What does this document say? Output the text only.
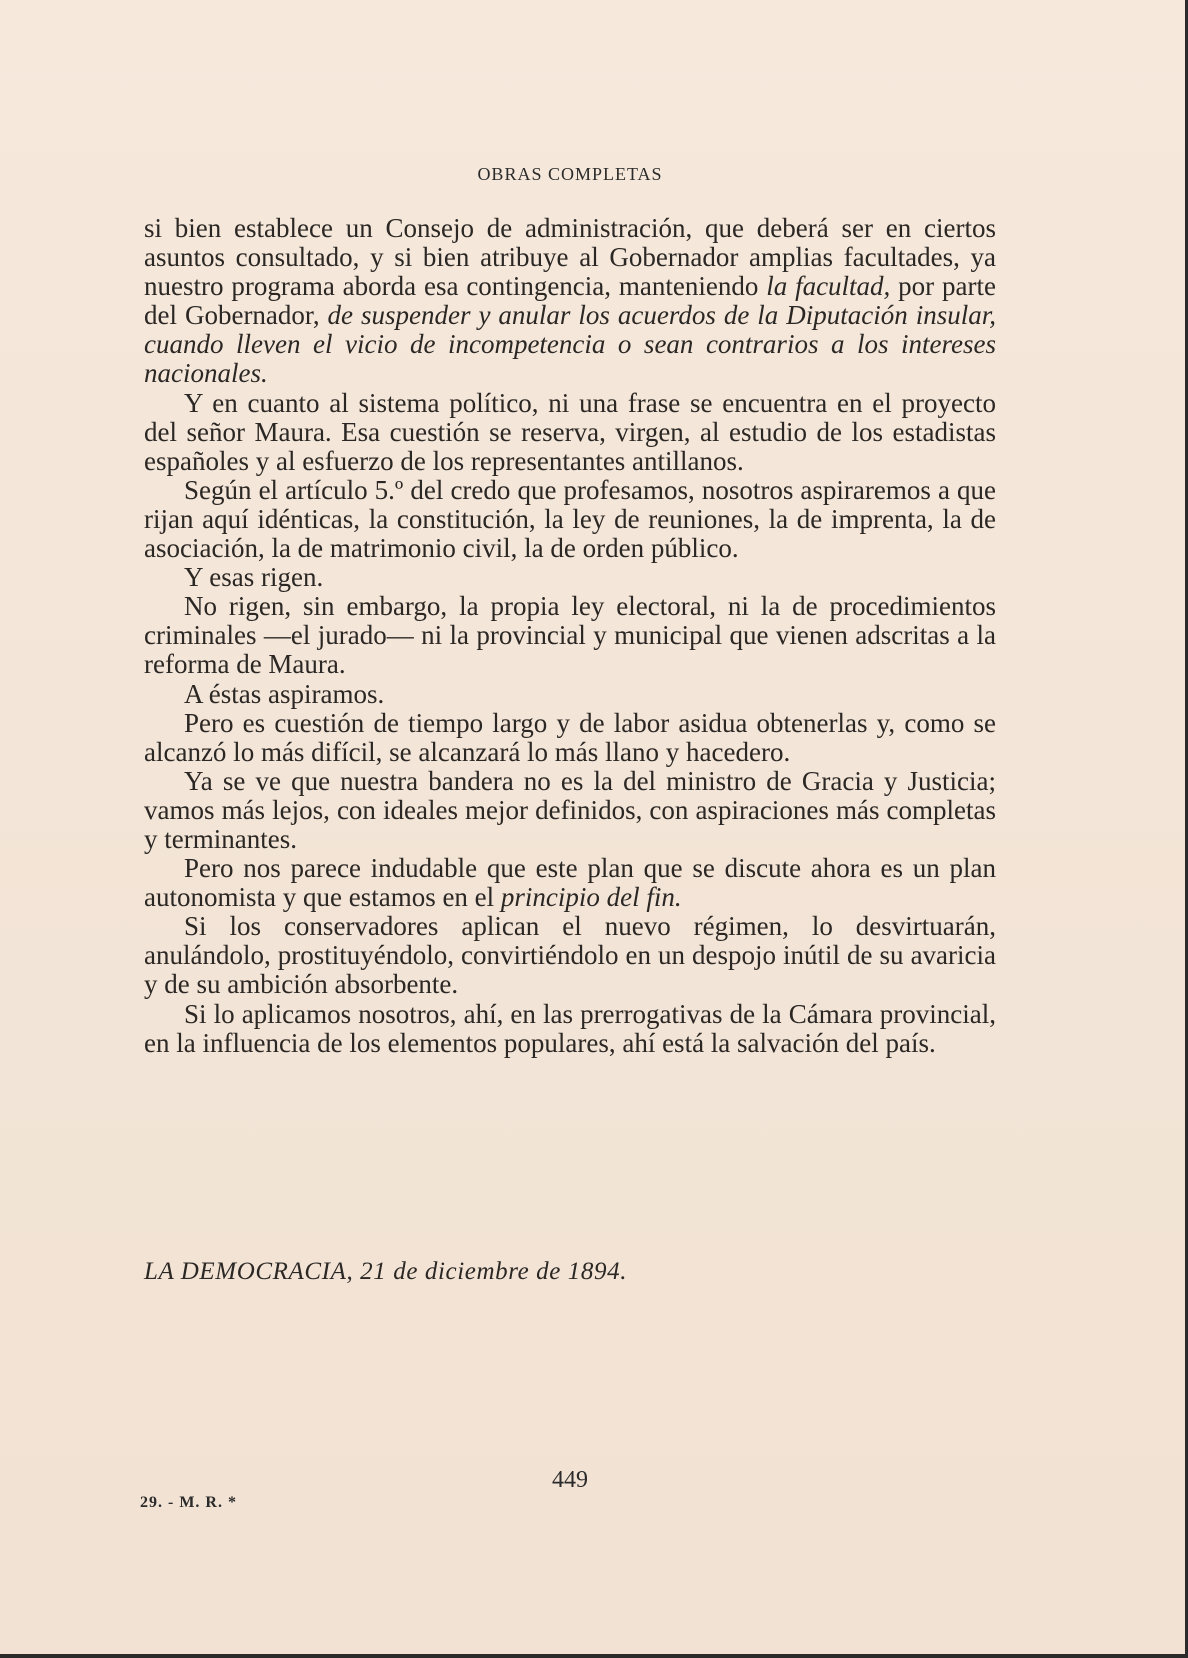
OBRAS COMPLETAS

si bien establece un Consejo de administración, que deberá ser en ciertos asuntos consultado, y si bien atribuye al Gobernador amplias facultades, ya nuestro programa aborda esa contingencia, manteniendo la facultad, por parte del Gobernador, de suspender y anular los acuerdos de la Diputación insular, cuando lleven el vicio de incompetencia o sean contrarios a los intereses nacionales.

Y en cuanto al sistema político, ni una frase se encuentra en el proyecto del señor Maura. Esa cuestión se reserva, virgen, al estudio de los estadistas españoles y al esfuerzo de los representantes antillanos.

Según el artículo 5.º del credo que profesamos, nosotros aspiraremos a que rijan aquí idénticas, la constitución, la ley de reuniones, la de imprenta, la de asociación, la de matrimonio civil, la de orden público.

Y esas rigen.

No rigen, sin embargo, la propia ley electoral, ni la de procedimientos criminales —el jurado— ni la provincial y municipal que vienen adscritas a la reforma de Maura.

A éstas aspiramos.

Pero es cuestión de tiempo largo y de labor asidua obtenerlas y, como se alcanzó lo más difícil, se alcanzará lo más llano y hacedero.

Ya se ve que nuestra bandera no es la del ministro de Gracia y Justicia; vamos más lejos, con ideales mejor definidos, con aspiraciones más completas y terminantes.

Pero nos parece indudable que este plan que se discute ahora es un plan autonomista y que estamos en el principio del fin.

Si los conservadores aplican el nuevo régimen, lo desvirtuarán, anulándolo, prostituyéndolo, convirtiéndolo en un despojo inútil de su avaricia y de su ambición absorbente.

Si lo aplicamos nosotros, ahí, en las prerrogativas de la Cámara provincial, en la influencia de los elementos populares, ahí está la salvación del país.

LA DEMOCRACIA, 21 de diciembre de 1894.
449
29. - M. R. *
